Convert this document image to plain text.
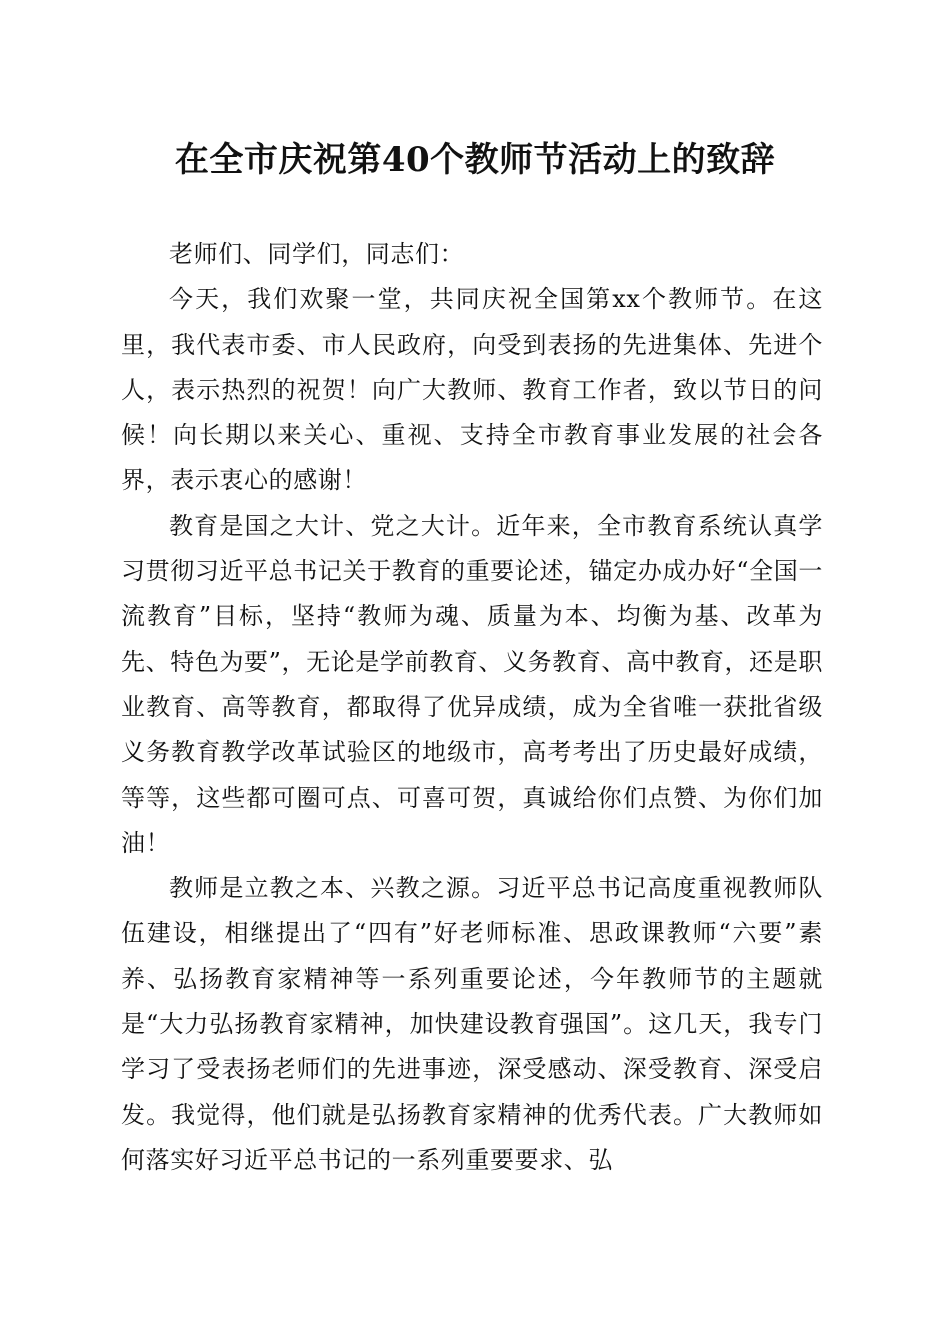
在全市庆祝第40个教师节活动上的致辞

老师们、同学们，同志们：

今天，我们欢聚一堂，共同庆祝全国第xx个教师节。在这里，我代表市委、市人民政府，向受到表扬的先进集体、先进个人，表示热烈的祝贺！向广大教师、教育工作者，致以节日的问候！向长期以来关心、重视、支持全市教育事业发展的社会各界，表示衷心的感谢！

教育是国之大计、党之大计。近年来，全市教育系统认真学习贯彻习近平总书记关于教育的重要论述，锚定办成办好“全国一流教育”目标，坚持“教师为魂、质量为本、均衡为基、改革为先、特色为要”，无论是学前教育、义务教育、高中教育，还是职业教育、高等教育，都取得了优异成绩，成为全省唯一获批省级义务教育教学改革试验区的地级市，高考考出了历史最好成绩，等等，这些都可圈可点、可喜可贺，真诚给你们点赞、为你们加油！

教师是立教之本、兴教之源。习近平总书记高度重视教师队伍建设，相继提出了“四有”好老师标准、思政课教师“六要”素养、弘扬教育家精神等一系列重要论述，今年教师节的主题就是“大力弘扬教育家精神，加快建设教育强国”。这几天，我专门学习了受表扬老师们的先进事迹，深受感动、深受教育、深受启发。我觉得，他们就是弘扬教育家精神的优秀代表。广大教师如何落实好习近平总书记的一系列重要要求、弘
